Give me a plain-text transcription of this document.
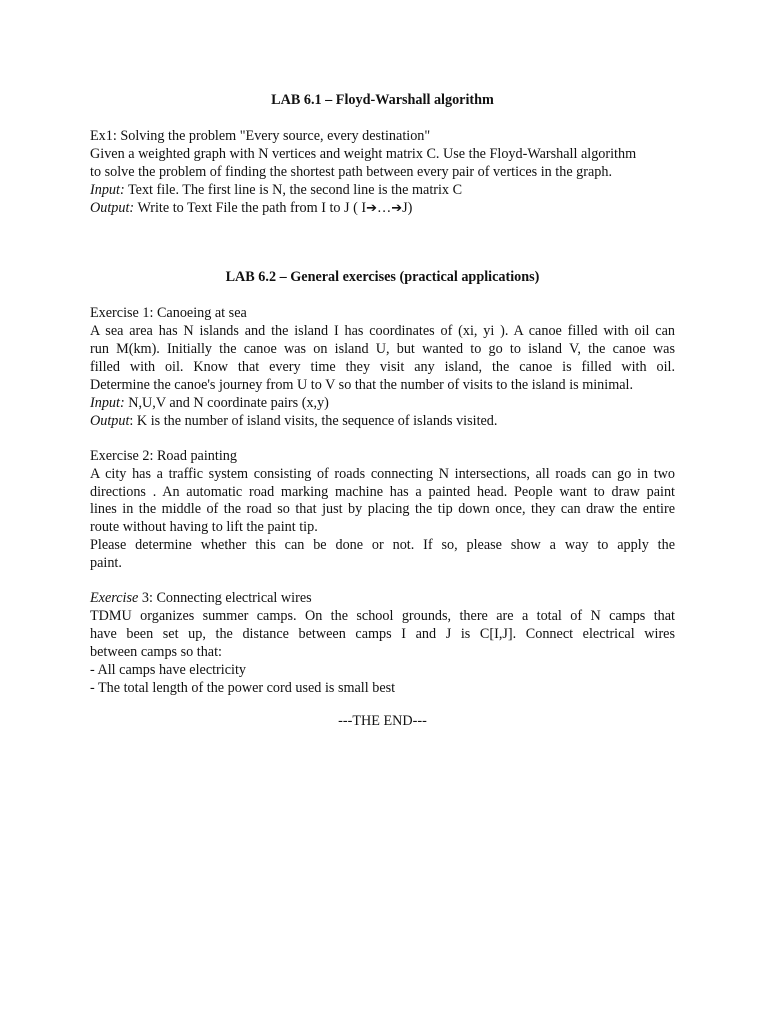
LAB 6.1 – Floyd-Warshall algorithm
Ex1: Solving the problem "Every source, every destination"
Given a weighted graph with N vertices and weight matrix C. Use the Floyd-Warshall algorithm
to solve the problem of finding the shortest path between every pair of vertices in the graph.
Input: Text file. The first line is N, the second line is the matrix C
Output: Write to Text File the path from I to J ( I➔…➔J)
LAB 6.2 – General exercises (practical applications)
Exercise 1: Canoeing at sea
A sea area has N islands and the island I has coordinates of (xi, yi ). A canoe filled with oil can
run M(km). Initially the canoe was on island U, but wanted to go to island V, the canoe was
filled with oil. Know that every time they visit any island, the canoe is filled with oil.
Determine the canoe's journey from U to V so that the number of visits to the island is minimal.
Input: N,U,V and N coordinate pairs (x,y)
Output: K is the number of island visits, the sequence of islands visited.
Exercise 2: Road painting
A city has a traffic system consisting of roads connecting N intersections, all roads can go in two
directions . An automatic road marking machine has a painted head. People want to draw paint
lines in the middle of the road so that just by placing the tip down once, they can draw the entire
route without having to lift the paint tip.
Please determine whether this can be done or not. If so, please show a way to apply the
paint.
Exercise 3: Connecting electrical wires
TDMU organizes summer camps. On the school grounds, there are a total of N camps that
have been set up, the distance between camps I and J is C[I,J]. Connect electrical wires
between camps so that:
- All camps have electricity
- The total length of the power cord used is small best
---THE END---
